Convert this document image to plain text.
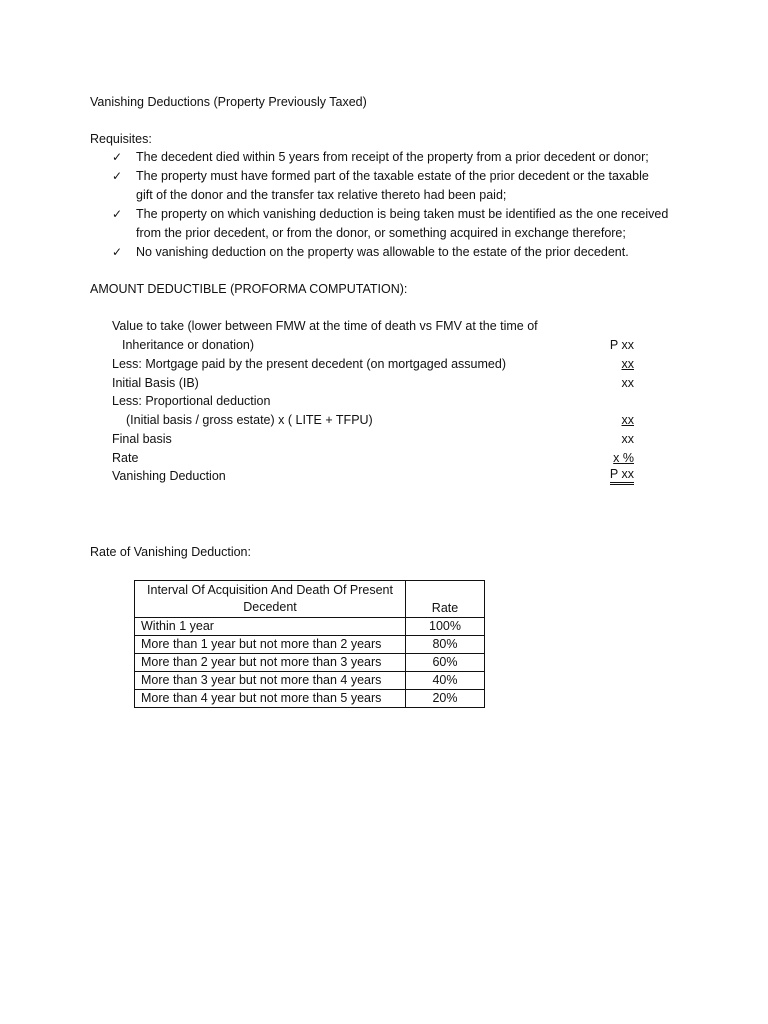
Vanishing Deductions (Property Previously Taxed)
Requisites:
✓	The decedent died within 5 years from receipt of the property from a prior decedent or donor;
✓	The property must have formed part of the taxable estate of the prior decedent or the taxable
gift of the donor and the transfer tax relative thereto had been paid;
✓	The property on which vanishing deduction is being taken must be identified as the one received
from the prior decedent, or from the donor, or something acquired in exchange therefore;
✓	No vanishing deduction on the property was allowable to the estate of the prior decedent.
AMOUNT DEDUCTIBLE (PROFORMA COMPUTATION):
Value to take (lower between FMW at the time of death vs FMV at the time of
Inheritance or donation)	P xx
Less: Mortgage paid by the present decedent (on mortgaged assumed)	xx
Initial Basis (IB)	xx
Less: Proportional deduction
(Initial basis / gross estate) x ( LITE + TFPU)	xx
Final basis	xx
Rate	x %
Vanishing Deduction	P xx
Rate of Vanishing Deduction:
Interval Of Acquisition And Death Of Present
Decedent	Rate
Within 1 year	100%
More than 1 year but not more than 2 years	80%
More than 2 year but not more than 3 years	60%
More than 3 year but not more than 4 years	40%
More than 4 year but not more than 5 years	20%
